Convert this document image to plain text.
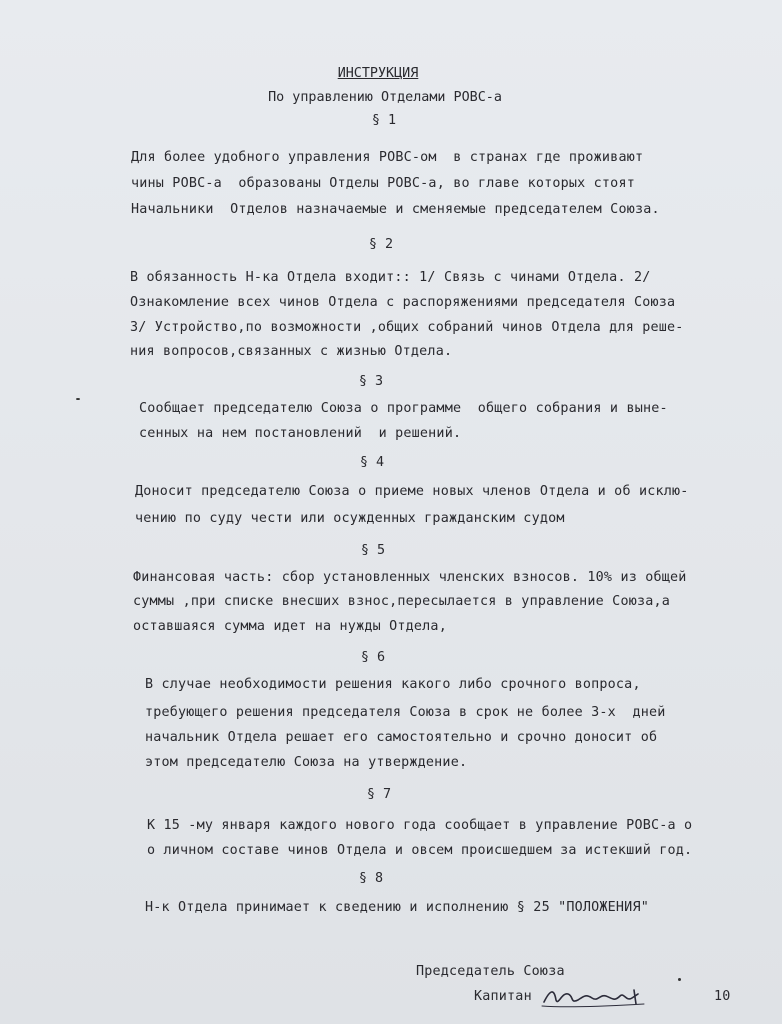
ИНСТРУКЦИЯ
По управлению Отделами РОВС-а
§ 1
Для более удобного управления РОВС-ом  в странах где проживают
чины РОВС-а  образованы Отделы РОВС-а, во главе которых стоят
Начальники  Отделов назначаемые и сменяемые председателем Союза.
§ 2
В обязанность Н-ка Отдела входит:: 1/ Связь с чинами Отдела. 2/
Ознакомление всех чинов Отдела с распоряжениями председателя Союза
3/ Устройство,по возможности ,общих собраний чинов Отдела для реше-
ния вопросов,связанных с жизнью Отдела.
§ 3
Сообщает председателю Союза о программе  общего собрания и выне-
сенных на нем постановлений  и решений.
§ 4
Доносит председателю Союза о приеме новых членов Отдела и об исклю-
чению по суду чести или осужденных гражданским судом
§ 5
Финансовая часть: сбор установленных членских взносов. 10% из общей
суммы ,при списке внесших взнос,пересылается в управление Союза,а
оставшаяся сумма идет на нужды Отдела,
§ 6
В случае необходимости решения какого либо срочного вопроса,
требующего решения председателя Союза в срок не более 3-х  дней
начальник Отдела решает его самостоятельно и срочно доносит об
этом председателю Союза на утверждение.
§ 7
К 15 -му января каждого нового года сообщает в управление РОВС-а о
о личном составе чинов Отдела и овсем происшедшем за истекший год.
§ 8
Н-к Отдела принимает к сведению и исполнению § 25 "ПОЛОЖЕНИЯ"
Председатель Союза
Капитан	10
